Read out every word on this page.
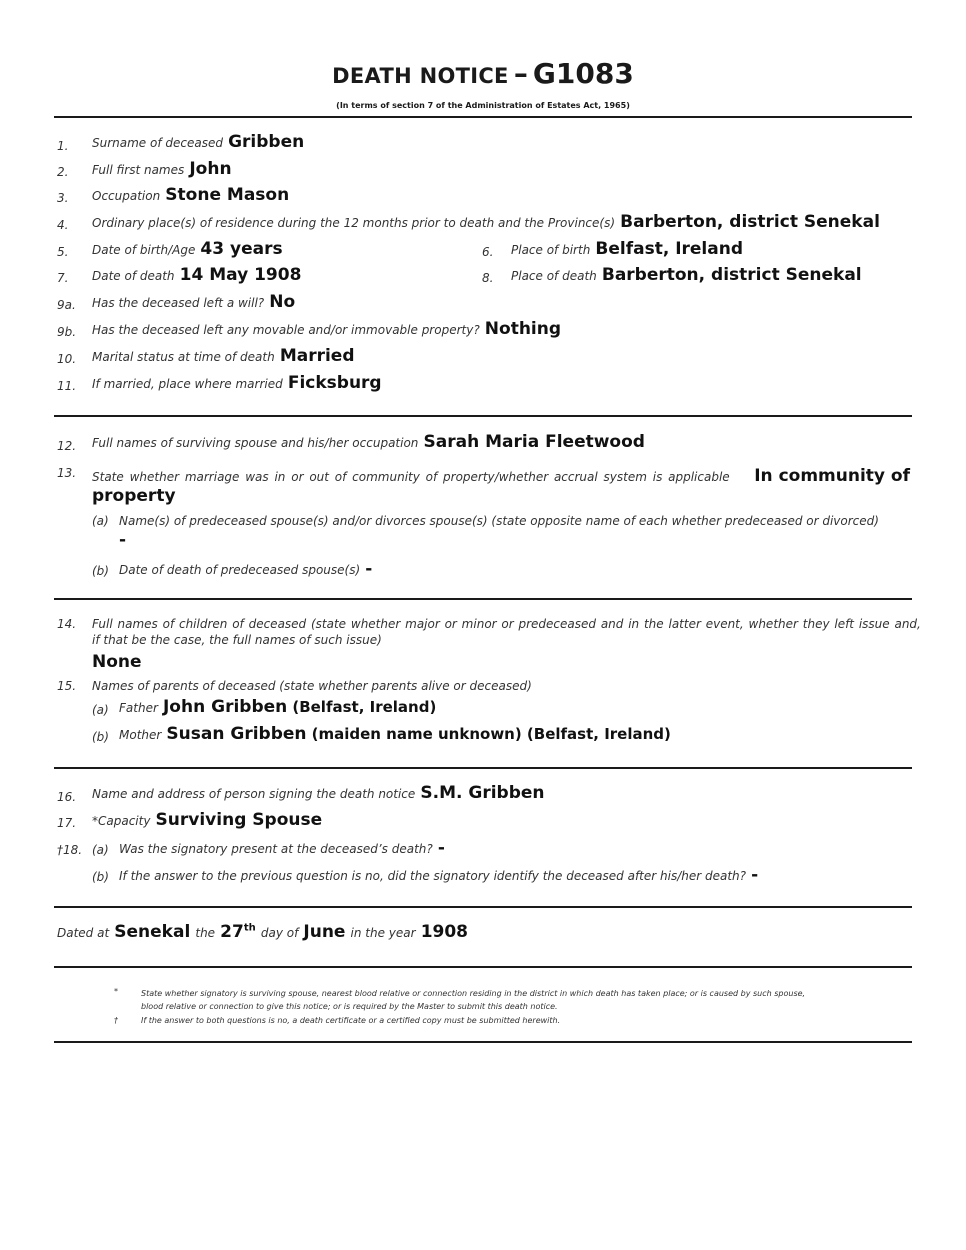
DEATH NOTICE – G1083
(In terms of section 7 of the Administration of Estates Act, 1965)
1. Surname of deceased Gribben
2. Full first names John
3. Occupation Stone Mason
4. Ordinary place(s) of residence during the 12 months prior to death and the Province(s) Barberton, district Senekal
5. Date of birth/Age 43 years	6. Place of birth Belfast, Ireland
7. Date of death 14 May 1908	8. Place of death Barberton, district Senekal
9a. Has the deceased left a will? No
9b. Has the deceased left any movable and/or immovable property? Nothing
10. Marital status at time of death Married
11. If married, place where married Ficksburg
12. Full names of surviving spouse and his/her occupation Sarah Maria Fleetwood
13. State whether marriage was in or out of community of property/whether accrual system is applicable In community of
property
(a) Name(s) of predeceased spouse(s) and/or divorces spouse(s) (state opposite name of each whether predeceased or divorced)
-
(b) Date of death of predeceased spouse(s) -
14. Full names of children of deceased (state whether major or minor or predeceased and in the latter event, whether they left issue and,
if that be the case, the full names of such issue)
None
15. Names of parents of deceased (state whether parents alive or deceased)
(a) Father John Gribben (Belfast, Ireland)
(b) Mother Susan Gribben (maiden name unknown) (Belfast, Ireland)
16. Name and address of person signing the death notice S.M. Gribben
17. *Capacity Surviving Spouse
†18. (a) Was the signatory present at the deceased’s death? -
(b) If the answer to the previous question is no, did the signatory identify the deceased after his/her death? -
Dated at Senekal the 27th day of June in the year 1908
*	State whether signatory is surviving spouse, nearest blood relative or connection residing in the district in which death has taken place; or is caused by such spouse,
blood relative or connection to give this notice; or is required by the Master to submit this death notice.
†	If the answer to both questions is no, a death certificate or a certified copy must be submitted herewith.
